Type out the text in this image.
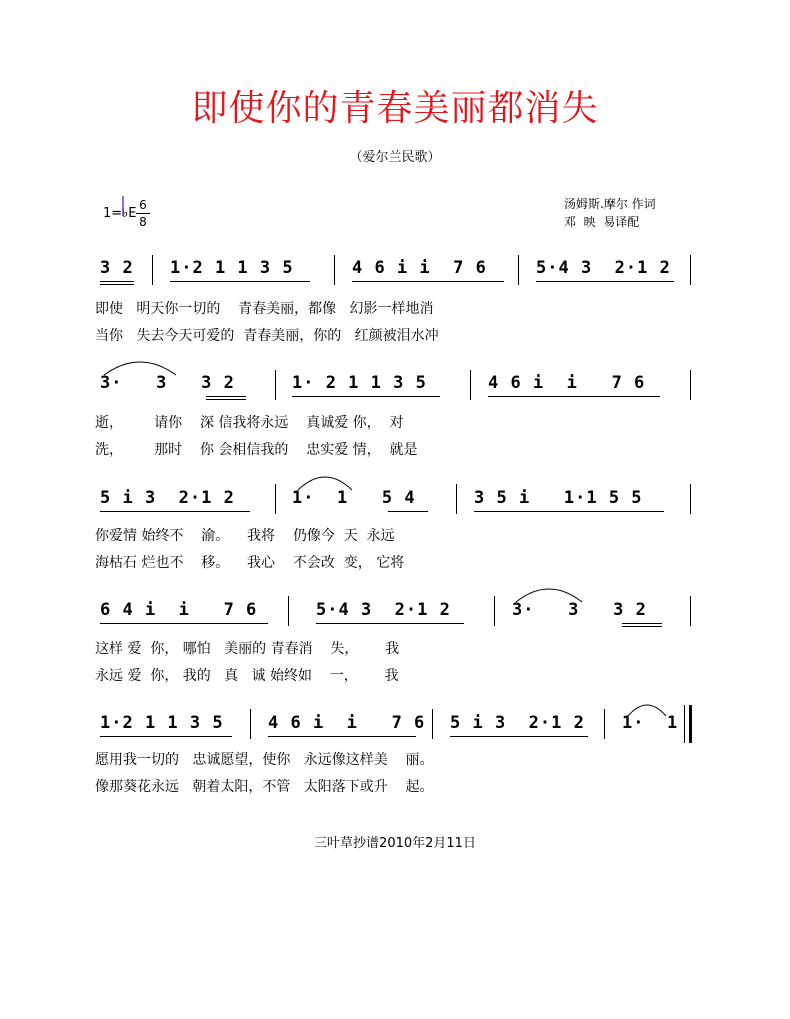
即使你的青春美丽都消失
（爱尔兰民歌）
1=♭E
6
8
汤姆斯.摩尔 作词
邓  映  易译配
3 2 1·2 1 1 3 5	4 6 i i  7 6	5·4 3  2·1 2
即使   明天你一切的    青春美丽，都像   幻影一样地消
当你   失去今天可爱的  青春美丽，你的   红颜被泪水冲
3·   3   3 2	1· 2 1 1 3 5	4 6 i  i   7 6
逝，       请你    深 信我将永远    真诚爱 你，  对
洗，       那时    你 会相信我的    忠实爱 情，  就是
5 i 3  2·1 2	1·  1   5 4	3 5 i   1·1 5 5
你爱情 始终不    渝。    我将    仍像今  天  永远
海枯石 烂也不    移。    我心    不会改  变， 它将
6 4 i  i   7 6	5·4 3  2·1 2	3·   3   3 2
这样 爱  你， 哪怕   美丽的 青春消    失，      我
永远 爱  你， 我的   真   诚 始终如    一，      我
1·2 1 1 3 5	4 6 i  i   7 6 5 i 3  2·1 2 1·  1
愿用我一切的   忠诚愿望，使你   永远像这样美    丽。
像那葵花永远   朝着太阳，不管   太阳落下或升    起。
三叶草抄谱2010年2月11日
